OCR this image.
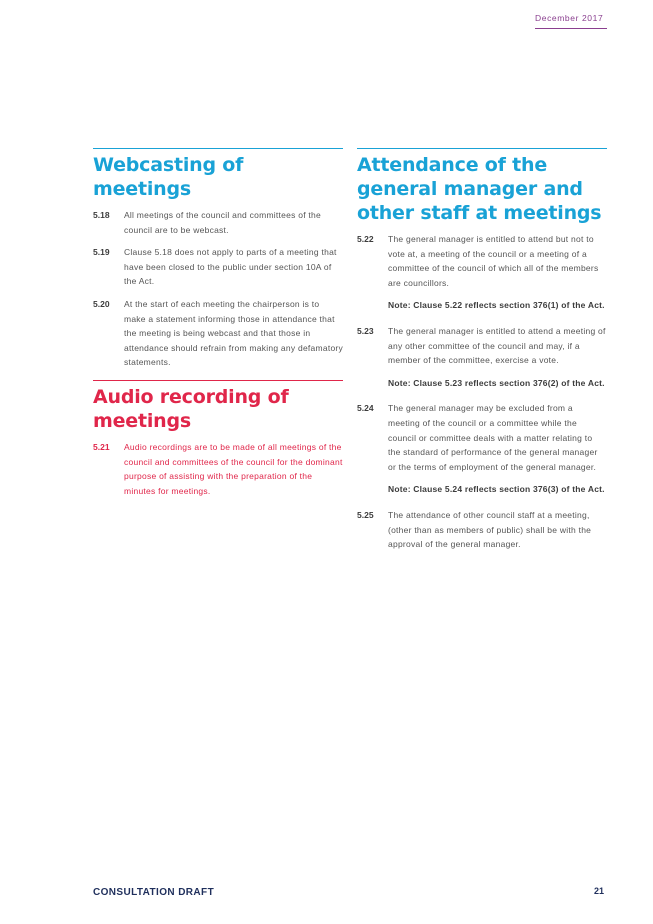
December 2017
Webcasting of meetings
5.18	All meetings of the council and committees of the council are to be webcast.
5.19	Clause 5.18 does not apply to parts of a meeting that have been closed to the public under section 10A of the Act.
5.20	At the start of each meeting the chairperson is to make a statement informing those in attendance that the meeting is being webcast and that those in attendance should refrain from making any defamatory statements.
Audio recording of meetings
5.21	Audio recordings are to be made of all meetings of the council and committees of the council for the dominant purpose of assisting with the preparation of the minutes for meetings.
Attendance of the general manager and other staff at meetings
5.22	The general manager is entitled to attend but not to vote at, a meeting of the council or a meeting of a committee of the council of which all of the members are councillors.
Note: Clause 5.22 reflects section 376(1) of the Act.
5.23	The general manager is entitled to attend a meeting of any other committee of the council and may, if a member of the committee, exercise a vote.
Note: Clause 5.23 reflects section 376(2) of the Act.
5.24	The general manager may be excluded from a meeting of the council or a committee while the council or committee deals with a matter relating to the standard of performance of the general manager or the terms of employment of the general manager.
Note: Clause 5.24 reflects section 376(3) of the Act.
5.25	The attendance of other council staff at a meeting, (other than as members of public) shall be with the approval of the general manager.
CONSULTATION DRAFT	21
